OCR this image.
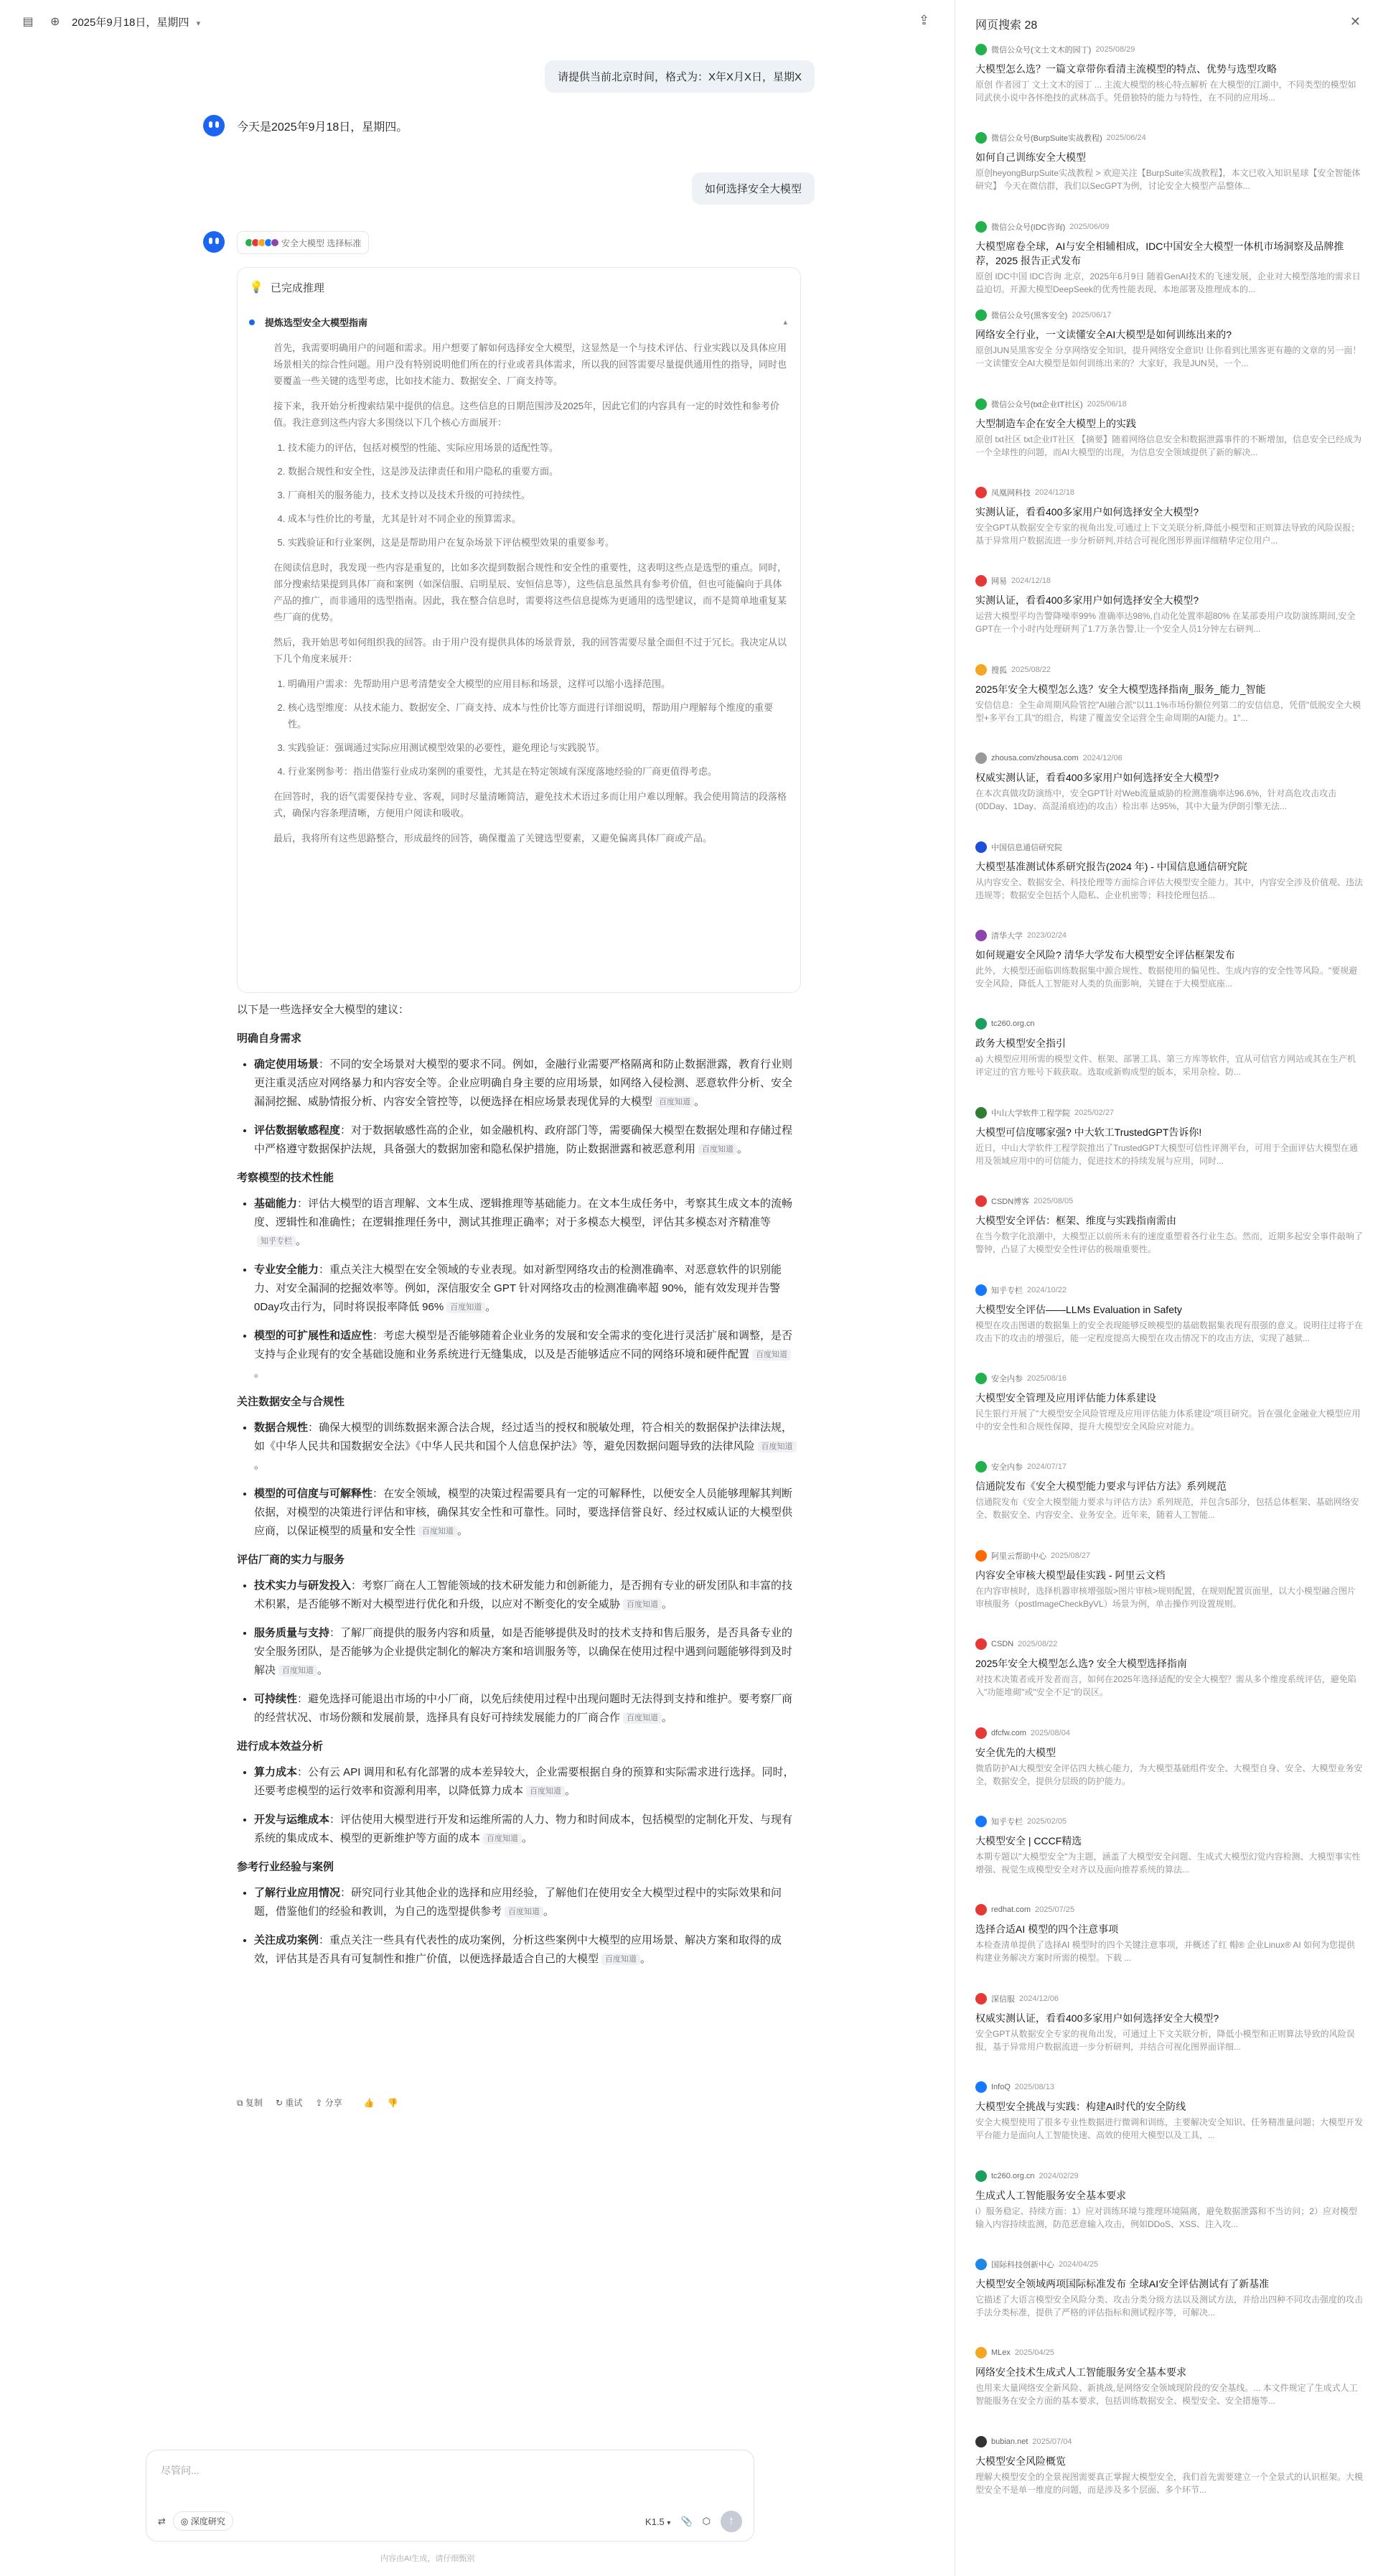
▤ ⊕ 2025年9月18日，星期四 ▾	⇪
请提供当前北京时间，格式为：X年X月X日，星期X
今天是2025年9月18日，星期四。
如何选择安全大模型
安全大模型 选择标准
💡 已完成推理
提炼选型安全大模型指南	▴

首先，我需要明确用户的问题和需求。用户想要了解如何选择安全大模型，这显然是一个与技术评估、行业实践以及具体应用场景相关的综合性问题。用户没有特别说明他们所在的行业或者具体需求，所以我的回答需要尽量提供通用性的指导，同时也要覆盖一些关键的选型考虑，比如技术能力、数据安全、厂商支持等。

接下来，我开始分析搜索结果中提供的信息。这些信息的日期范围涉及2025年，因此它们的内容具有一定的时效性和参考价值。我注意到这些内容大多围绕以下几个核心方面展开：

1. 技术能力的评估，包括对模型的性能、实际应用场景的适配性等。
2. 数据合规性和安全性，这是涉及法律责任和用户隐私的重要方面。
3. 厂商相关的服务能力，技术支持以及技术升级的可持续性。
4. 成本与性价比的考量，尤其是针对不同企业的预算需求。
5. 实践验证和行业案例，这是是帮助用户在复杂场景下评估模型效果的重要参考。

在阅读信息时，我发现一些内容是重复的，比如多次提到数据合规性和安全性的重要性，这表明这些点是选型的重点。同时，部分搜索结果提到具体厂商和案例（如深信服、启明星辰、安恒信息等），这些信息虽然具有参考价值，但也可能偏向于具体产品的推广，而非通用的选型指南。因此，我在整合信息时，需要将这些信息提炼为更通用的选型建议，而不是简单地重复某些厂商的优势。

然后，我开始思考如何组织我的回答。由于用户没有提供具体的场景背景，我的回答需要尽量全面但不过于冗长。我决定从以下几个角度来展开：

1. 明确用户需求：先帮助用户思考清楚安全大模型的应用目标和场景，这样可以缩小选择范围。
2. 核心选型维度：从技术能力、数据安全、厂商支持、成本与性价比等方面进行详细说明，帮助用户理解每个维度的重要性。
3. 实践验证：强调通过实际应用测试模型效果的必要性，避免理论与实践脱节。
4. 行业案例参考：指出借鉴行业成功案例的重要性，尤其是在特定领域有深度落地经验的厂商更值得考虑。

在回答时，我的语气需要保持专业、客观，同时尽量清晰简洁，避免技术术语过多而让用户难以理解。我会使用简洁的段落格式，确保内容条理清晰，方便用户阅读和吸收。

最后，我将所有这些思路整合，形成最终的回答，确保覆盖了关键选型要素，又避免偏离具体厂商或产品。

以下是一些选择安全大模型的建议：

明确自身需求
• 确定使用场景：不同的安全场景对大模型的要求不同。例如，金融行业需要严格隔离和防止数据泄露，教育行业则更注重灵活应对网络暴力和内容安全等。企业应明确自身主要的应用场景，如网络入侵检测、恶意软件分析、安全漏洞挖掘、威胁情报分析、内容安全管控等，以便选择在相应场景表现优异的大模型 百度知道 。
• 评估数据敏感程度：对于数据敏感性高的企业，如金融机构、政府部门等，需要确保大模型在数据处理和存储过程中严格遵守数据保护法规，具备强大的数据加密和隐私保护措施，防止数据泄露和被恶意利用 百度知道 。
考察模型的技术性能
• 基础能力：评估大模型的语言理解、文本生成、逻辑推理等基础能力。在文本生成任务中，考察其生成文本的流畅度、逻辑性和准确性；在逻辑推理任务中，测试其推理正确率；对于多模态大模型，评估其多模态对齐精准等知乎专栏 。
• 专业安全能力：重点关注大模型在安全领域的专业表现。如对新型网络攻击的检测准确率、对恶意软件的识别能力、对安全漏洞的挖掘效率等。例如，深信服安全 GPT 针对网络攻击的检测准确率超 90%，能有效发现并告警0Day攻击行为，同时将误报率降低 96% 百度知道 。
• 模型的可扩展性和适应性：考虑大模型是否能够随着企业业务的发展和安全需求的变化进行灵活扩展和调整，是否支持与企业现有的安全基础设施和业务系统进行无缝集成，以及是否能够适应不同的网络环境和硬件配置 百度知道。
关注数据安全与合规性
• 数据合规性：确保大模型的训练数据来源合法合规，经过适当的授权和脱敏处理，符合相关的数据保护法律法规，如《中华人民共和国数据安全法》《中华人民共和国个人信息保护法》等，避免因数据问题导致的法律风险 百度知道。
• 模型的可信度与可解释性：在安全领域，模型的决策过程需要具有一定的可解释性，以便安全人员能够理解其判断依据，对模型的决策进行评估和审核，确保其安全性和可靠性。同时，要选择信誉良好、经过权威认证的大模型供应商，以保证模型的质量和安全性 百度知道 。
评估厂商的实力与服务
• 技术实力与研发投入：考察厂商在人工智能领域的技术研发能力和创新能力，是否拥有专业的研发团队和丰富的技术积累，是否能够不断对大模型进行优化和升级，以应对不断变化的安全威胁 百度知道 。
• 服务质量与支持：了解厂商提供的服务内容和质量，如是否能够提供及时的技术支持和售后服务，是否具备专业的安全服务团队，是否能够为企业提供定制化的解决方案和培训服务等，以确保在使用过程中遇到问题能够得到及时解决 百度知道 。
• 可持续性：避免选择可能退出市场的中小厂商，以免后续使用过程中出现问题时无法得到支持和维护。要考察厂商的经营状况、市场份额和发展前景，选择具有良好可持续发展能力的厂商合作 百度知道 。
进行成本效益分析
• 算力成本：公有云 API 调用和私有化部署的成本差异较大，企业需要根据自身的预算和实际需求进行选择。同时，还要考虑模型的运行效率和资源利用率，以降低算力成本 百度知道 。
• 开发与运维成本：评估使用大模型进行开发和运维所需的人力、物力和时间成本，包括模型的定制化开发、与现有系统的集成成本、模型的更新维护等方面的成本 百度知道 。
参考行业经验与案例
• 了解行业应用情况：研究同行业其他企业的选择和应用经验，了解他们在使用安全大模型过程中的实际效果和问题，借鉴他们的经验和教训，为自己的选型提供参考 百度知道 。
• 关注成功案例：重点关注一些具有代表性的成功案例，分析这些案例中大模型的应用场景、解决方案和取得的成效，评估其是否具有可复制性和推广价值，以便选择最适合自己的大模型 百度知道 。
⧉ 复制 ↻ 重试 ⇪ 分享	👍 👎
尽管问...
⇄	◎ 深度研究	K1.5 ▾ 📎 ⬡	↑
内容由AI生成，请仔细甄别
网页搜索 28	✕
微信公众号(文土文木的园丁) 2025/08/29
大模型怎么选？一篇文章带你看清主流模型的特点、优势与选型攻略
原创 作者园丁 文土文木的园丁 ... 主流大模型的核心特点解析 在大模型的江湖中，不同类型的模型如同武侠小说中各怀绝技的武林高手。凭借独特的能力与特性，在不同的应用场...
微信公众号(BurpSuite实战教程) 2025/06/24
如何自己训练安全大模型
原创heyongBurpSuite实战教程 > 欢迎关注【BurpSuite实战教程】，本文已收入知识星球【安全智能体研究】 今天在微信群，我们以SecGPT为例，讨论安全大模型产品整体...
微信公众号(IDC咨询) 2025/06/09
大模型席卷全球，AI与安全相辅相成，IDC中国安全大模型一体机市场洞察及品牌推荐，2025 报告正式发布
原创 IDC中国 IDC咨询 北京，2025年6月9日 随着GenAI技术的飞速发展，企业对大模型落地的需求日益迫切。开源大模型DeepSeek的优秀性能表现、本地部署及推理成本的...
微信公众号(黑客安全) 2025/06/17
网络安全行业，一文读懂安全AI大模型是如何训练出来的?
原创JUN昊黑客安全 分享网络安全知识，提升网络安全意识! 让你看到比黑客更有趣的文章的另一面！ 一文读懂安全AI大模型是如何训练出来的？大家好，我是JUN昊，一个...
微信公众号(txt企业IT社区) 2025/06/18
大型制造车企在安全大模型上的实践
原创 txt社区 txt企业IT社区 【摘要】随着网络信息安全和数据泄露事件的不断增加，信息安全已经成为一个全球性的问题，而AI大模型的出现，为信息安全领域提供了新的解决...
凤凰网科技 2024/12/18
实测认证，看看400多家用户如何选择安全大模型?
安全GPT从数据安全专家的视角出发,可通过上下文关联分析,降低小模型和正则算法导致的风险误报；基于异常用户数据流进一步分析研判,并结合可视化图形界面详细精华定位用户...
网易 2024/12/18
实测认证，看看400多家用户如何选择安全大模型?
运营大模型平均告警降噪率99% 准确率达98%,自动化处置率超80% 在某部委用户攻防演练期间,安全GPT在一个小时内处理研判了1.7万条告警,让一个安全人员1分钟左右研判...
搜狐 2025/08/22
2025年安全大模型怎么选？安全大模型选择指南_服务_能力_智能
安信信息：全生命周期风险管控"AI融合派"以11.1%市场份额位列第二的安信信息，凭借"低脱安全大模型+多平台工具"的组合，构建了覆盖安全运营全生命周期的AI能力。1"...
zhousa.com/zhousa.com 2024/12/06
权威实测认证，看看400多家用户如何选择安全大模型?
在本次真做攻防演练中，安全GPT针对Web流量威胁的检测准确率达96.6%，针对高危攻击攻击(0DDay、1Day、高混淆痕迹)的攻击）检出率 达95%，其中大量为伊朗引擎无法...
中国信息通信研究院
大模型基准测试体系研究报告(2024 年) - 中国信息通信研究院
从内容安全、数据安全、科技伦理等方面综合评估大模型安全能力。其中，内容安全涉及价值观、违法违规等；数据安全包括个人隐私、企业机密等；科技伦理包括...
清华大学 2023/02/24
如何规避安全风险? 清华大学发布大模型安全评估框架发布
此外，大模型还面临训练数据集中源合规性、数据使用的偏见性、生成内容的安全性等风险。"要规避安全风险，降低人工智能对人类的负面影响，关键在于大模型底座...
tc260.org.cn
政务大模型安全指引
a) 大模型应用所需的模型文件、框架、部署工具、第三方库等软件，宜从可信官方网站或其在生产机评定过的官方账号下载获取。选取或新购成型的版本，采用杂检、防...
中山大学软件工程学院 2025/02/27
大模型可信度哪家强? 中大软工TrustedGPT告诉你!
近日，中山大学软件工程学院推出了TrustedGPT大模型可信性评测平台，可用于全面评估大模型在通用及领域应用中的可信能力，促进技术的持续发展与应用，同时...
CSDN博客 2025/08/05
大模型安全评估：框架、维度与实践指南需由
在当今数字化浪潮中，大模型正以前所未有的速度重塑着各行业生态。然而，近期多起安全事件敲响了警钟，凸显了大模型安全性评估的极端重要性。
知乎专栏 2024/10/22
大模型安全评估——LLMs Evaluation in Safety
模型在攻击图谱的数据集上的安全表现能够反映模型的基础数据集表现有很强的意义。说明往过将于在攻击下的攻击的增强后，能一定程度提高大模型在攻击情况下的攻击方法，实现了越狱...
安全内参 2025/08/16
大模型安全管理及应用评估能力体系建设
民生银行开展了"大模型安全风险管理及应用评估能力体系建设"项目研究。旨在强化金融业大模型应用中的安全性和合规性保障，提升大模型安全风险应对能力。
安全内参 2024/07/17
信通院发布《安全大模型能力要求与评估方法》系列规范
信通院发布《安全大模型能力要求与评估方法》系列规范，并包含5部分，包括总体框架、基础网络安全、数据安全、内容安全、业务安全。近年来，随着人工智能...
阿里云帮助中心 2025/08/27
内容安全审核大模型最佳实践 - 阿里云文档
在内容审核时，选择机器审核增强版>图片审核>规则配置，在规则配置页面里，以大小模型融合图片审核服务（postImageCheckByVL）场景为例，单击操作列设置规则。
CSDN 2025/08/22
2025年安全大模型怎么选? 安全大模型选择指南
对技术决策者或开发者而言，如何在2025年选择适配的安全大模型？需从多个维度系统评估，避免陷入"功能堆砌"或"安全不足"的误区。
dfcfw.com 2025/08/04
安全优先的大模型
微盾防护AI大模型安全评估四大核心能力，为大模型基础组件安全、大模型自身、安全、大模型业务安全，数据安全，提供分层级的防护能力。
知乎专栏 2025/02/05
大模型安全 | CCCF精选
本期专题以"大模型安全"为主题，涵盖了大模型安全问题、生成式大模型幻觉内容检测、大模型事实性增强、视觉生成模型安全对齐以及面向推荐系统的算法...
redhat.com 2025/07/25
选择合适AI 模型的四个注意事项
本检查清单提供了选择AI 模型时的四个关键注意事项，并概述了红 帽® 企业Linux® AI 如何为您提供构建业务解决方案时所需的模型。下载 ...
深信服 2024/12/06
权威实测认证，看看400多家用户如何选择安全大模型?
安全GPT从数据安全专家的视角出发，可通过上下文关联分析，降低小模型和正则算法导致的风险误报，基于异常用户数据流进一步分析研判，并结合可视化图界面详细...
InfoQ 2025/08/13
大模型安全挑战与实践：构建AI时代的安全防线
安全大模型使用了很多专业性数据进行微调和训练，主要解决安全知识、任务精准量问题；大模型开发平台能力是面向人工智能快速、高效的使用大模型以及工具，...
tc260.org.cn 2024/02/29
生成式人工智能服务安全基本要求
i）服务稳定、持续方面：1）应对训练环境与推理环境隔离，避免数据泄露和不当访问；2）应对模型输入内容持续监测，防范恶意输入攻击，例如DDoS、XSS、注入攻...
国际科技创新中心 2024/04/25
大模型安全领域两项国际标准发布 全球AI安全评估测试有了新基准
它描述了大语言模型安全风险分类、攻击分类分级方法以及测试方法，并给出四种不同攻击强度的攻击手法分类标准，提供了严格的评估指标和测试程序等，可解决...
MLex 2025/04/25
网络安全技术生成式人工智能服务安全基本要求
也用来大量网络安全新风险、新挑战,是网络安全领域现阶段的安全基线。... 本文件规定了生成式人工智能服务在安全方面的基本要求，包括训练数据安全、模型安全、安全措施等...
bubian.net 2025/07/04
大模型安全风险概览
理解大模型安全的全景视图需要真正掌握大模型安全，我们首先需要建立一个全景式的认识框架。大模型安全不是单一维度的问题，而是涉及多个层面、多个环节...
